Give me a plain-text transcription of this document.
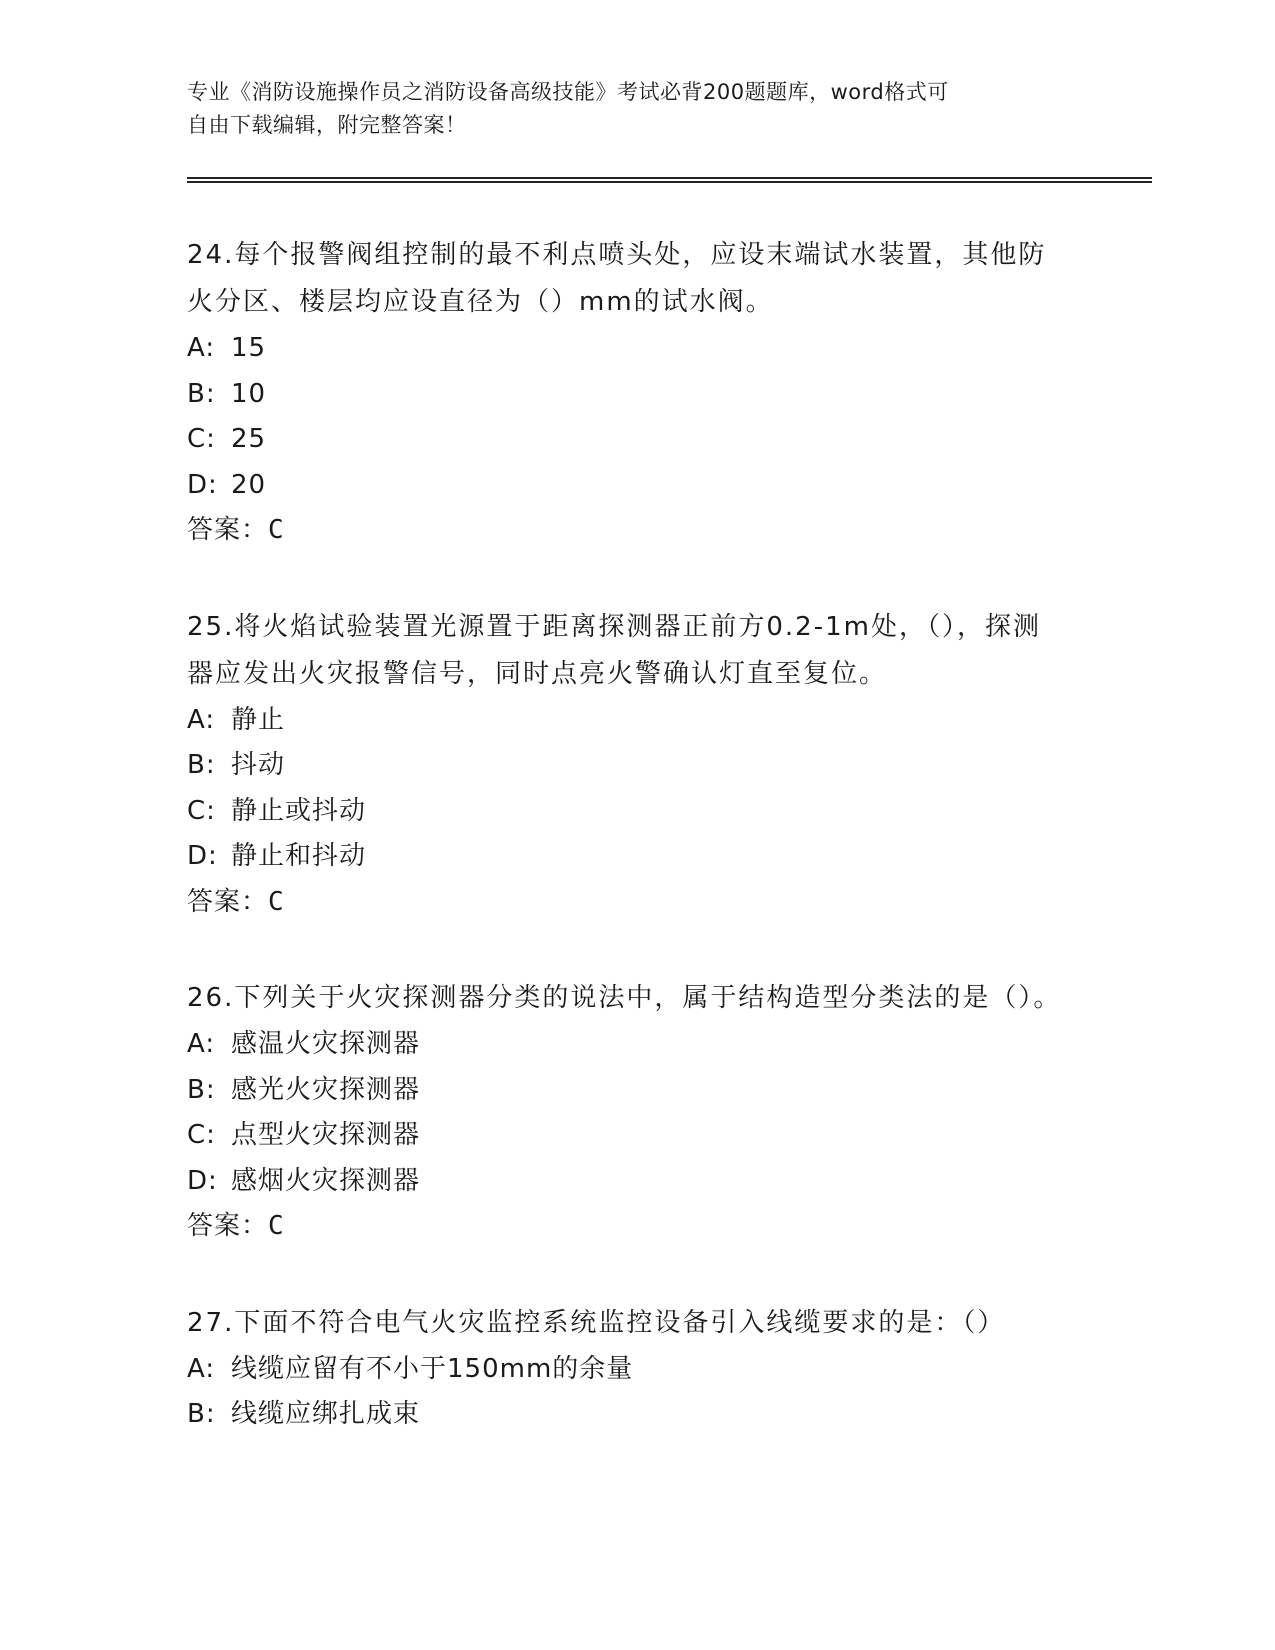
专业《消防设施操作员之消防设备高级技能》考试必背200题题库，word格式可
自由下载编辑，附完整答案！

24.每个报警阀组控制的最不利点喷头处，应设末端试水装置，其他防火分区、楼层均应设直径为（）mm的试水阀。

A: 15
B: 10
C: 25
D: 20
答案：C

25.将火焰试验装置光源置于距离探测器正前方0.2-1m处，（），探测器应发出火灾报警信号，同时点亮火警确认灯直至复位。

A: 静止
B: 抖动
C: 静止或抖动
D: 静止和抖动
答案：C

26.下列关于火灾探测器分类的说法中，属于结构造型分类法的是（）。

A: 感温火灾探测器
B: 感光火灾探测器
C: 点型火灾探测器
D: 感烟火灾探测器
答案：C

27.下面不符合电气火灾监控系统监控设备引入线缆要求的是：（）

A: 线缆应留有不小于150mm的余量
B: 线缆应绑扎成束
